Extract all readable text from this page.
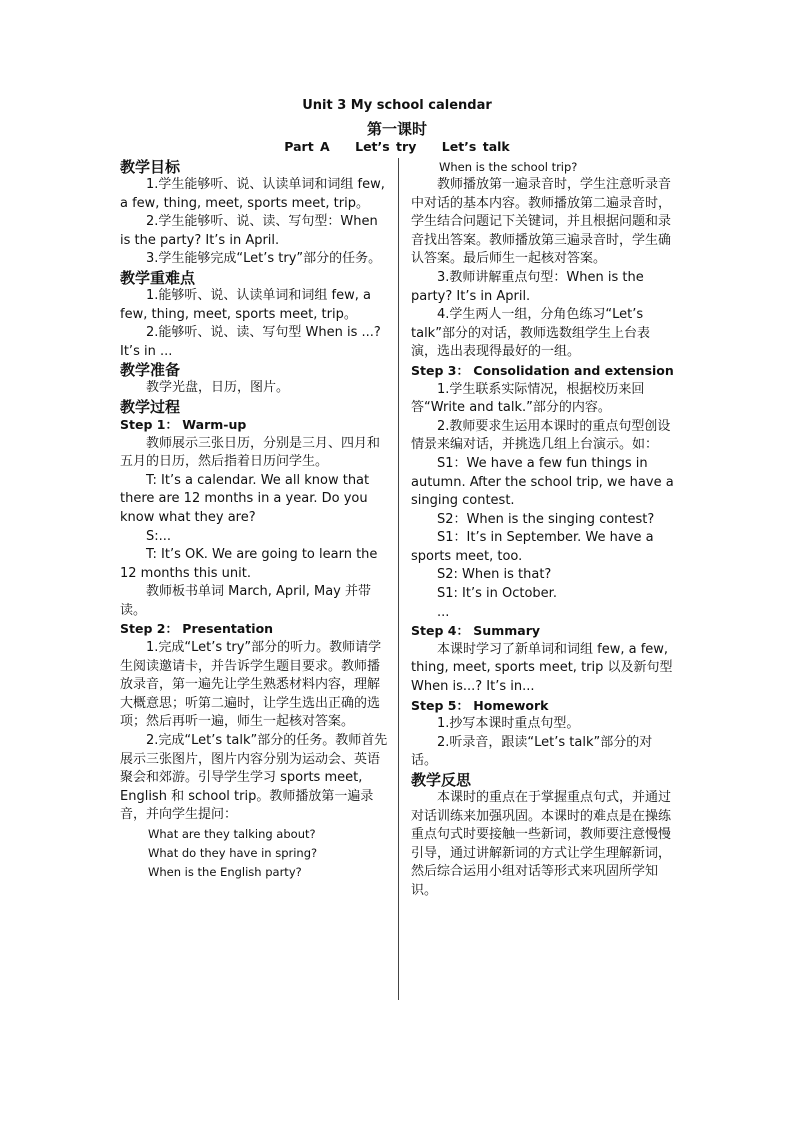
Unit 3 My school calendar
第一课时
Part A    Let’s try    Let’s talk
教学目标
1.学生能够听、说、认读单词和词组 few, a few, thing, meet, sports meet, trip。
2.学生能够听、说、读、写句型：When is the party? It’s in April.
3.学生能够完成“Let’s try”部分的任务。
教学重难点
1.能够听、说、认读单词和词组 few, a few, thing, meet, sports meet, trip。
2.能够听、说、读、写句型 When is ...? It’s in ...
教学准备
教学光盘，日历，图片。
教学过程
Step 1： Warm-up
教师展示三张日历，分别是三月、四月和五月的日历，然后指着日历问学生。
T: It’s a calendar. We all know that there are 12 months in a year. Do you know what they are?
S:...
T: It’s OK. We are going to learn the 12 months this unit.
教师板书单词 March, April, May 并带读。
Step 2： Presentation
1.完成“Let’s try”部分的听力。教师请学生阅读邀请卡，并告诉学生题目要求。教师播放录音，第一遍先让学生熟悉材料内容，理解大概意思；听第二遍时，让学生选出正确的选项；然后再听一遍，师生一起核对答案。
2.完成“Let’s talk”部分的任务。教师首先展示三张图片，图片内容分别为运动会、英语聚会和郊游。引导学生学习 sports meet, English 和 school trip。教师播放第一遍录音，并向学生提问：
What are they talking about?
What do they have in spring?
When is the English party?
When is the school trip?
教师播放第一遍录音时，学生注意听录音中对话的基本内容。教师播放第二遍录音时，学生结合问题记下关键词，并且根据问题和录音找出答案。教师播放第三遍录音时，学生确认答案。最后师生一起核对答案。
3.教师讲解重点句型：When is the party? It’s in April.
4.学生两人一组，分角色练习“Let’s talk”部分的对话，教师选数组学生上台表演，选出表现得最好的一组。
Step 3： Consolidation and extension
1.学生联系实际情况，根据校历来回答“Write and talk.”部分的内容。
2.教师要求生运用本课时的重点句型创设情景来编对话，并挑选几组上台演示。如：
S1：We have a few fun things in autumn. After the school trip, we have a singing contest.
S2：When is the singing contest?
S1：It’s in September. We have a sports meet, too.
S2: When is that?
S1: It’s in October.
...
Step 4： Summary
本课时学习了新单词和词组 few, a few, thing, meet, sports meet, trip 以及新句型 When is...? It’s in...
Step 5： Homework
1.抄写本课时重点句型。
2.听录音，跟读“Let’s talk”部分的对话。
教学反思
本课时的重点在于掌握重点句式，并通过对话训练来加强巩固。本课时的难点是在操练重点句式时要接触一些新词，教师要注意慢慢引导，通过讲解新词的方式让学生理解新词，然后综合运用小组对话等形式来巩固所学知识。
